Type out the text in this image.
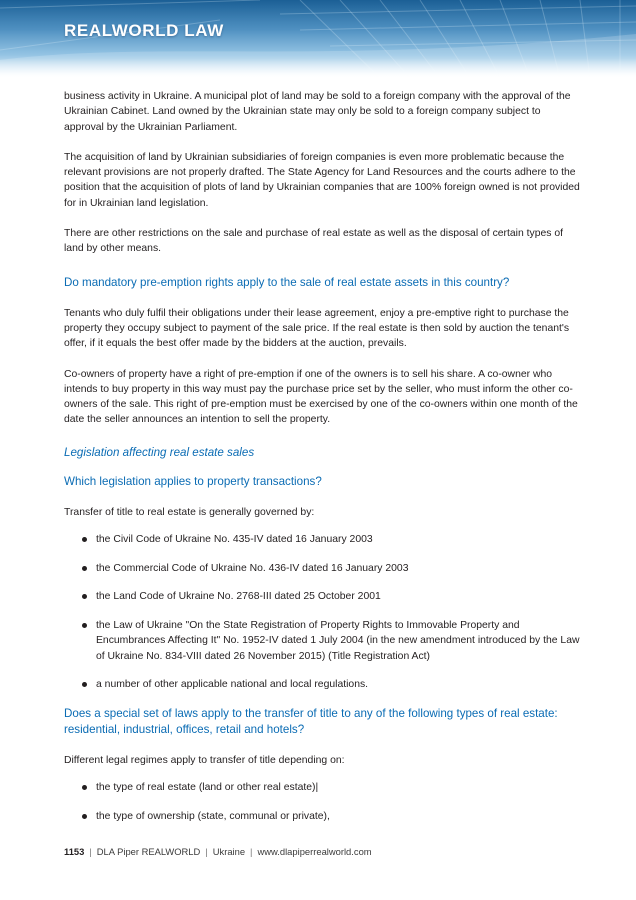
REALWORLD LAW

business activity in Ukraine. A municipal plot of land may be sold to a foreign company with the approval of the Ukrainian Cabinet. Land owned by the Ukrainian state may only be sold to a foreign company subject to approval by the Ukrainian Parliament.

The acquisition of land by Ukrainian subsidiaries of foreign companies is even more problematic because the relevant provisions are not properly drafted. The State Agency for Land Resources and the courts adhere to the position that the acquisition of plots of land by Ukrainian companies that are 100% foreign owned is not provided for in Ukrainian land legislation.

There are other restrictions on the sale and purchase of real estate as well as the disposal of certain types of land by other means.

Do mandatory pre-emption rights apply to the sale of real estate assets in this country?

Tenants who duly fulfil their obligations under their lease agreement, enjoy a pre-emptive right to purchase the property they occupy subject to payment of the sale price. If the real estate is then sold by auction the tenant's offer, if it equals the best offer made by the bidders at the auction, prevails.

Co-owners of property have a right of pre-emption if one of the owners is to sell his share. A co-owner who intends to buy property in this way must pay the purchase price set by the seller, who must inform the other co-owners of the sale. This right of pre-emption must be exercised by one of the co-owners within one month of the date the seller announces an intention to sell the property.

Legislation affecting real estate sales
Which legislation applies to property transactions?

Transfer of title to real estate is generally governed by:

the Civil Code of Ukraine No. 435-IV dated 16 January 2003
the Commercial Code of Ukraine No. 436-IV dated 16 January 2003
the Land Code of Ukraine No. 2768-III dated 25 October 2001
the Law of Ukraine "On the State Registration of Property Rights to Immovable Property and Encumbrances Affecting It" No. 1952-IV dated 1 July 2004 (in the new amendment introduced by the Law of Ukraine No. 834-VIII dated 26 November 2015) (Title Registration Act)
a number of other applicable national and local regulations.
Does a special set of laws apply to the transfer of title to any of the following types of real estate: residential, industrial, offices, retail and hotels?

Different legal regimes apply to transfer of title depending on:

the type of real estate (land or other real estate)|
the type of ownership (state, communal or private),
1153 | DLA Piper REALWORLD | Ukraine | www.dlapiperrealworld.com
